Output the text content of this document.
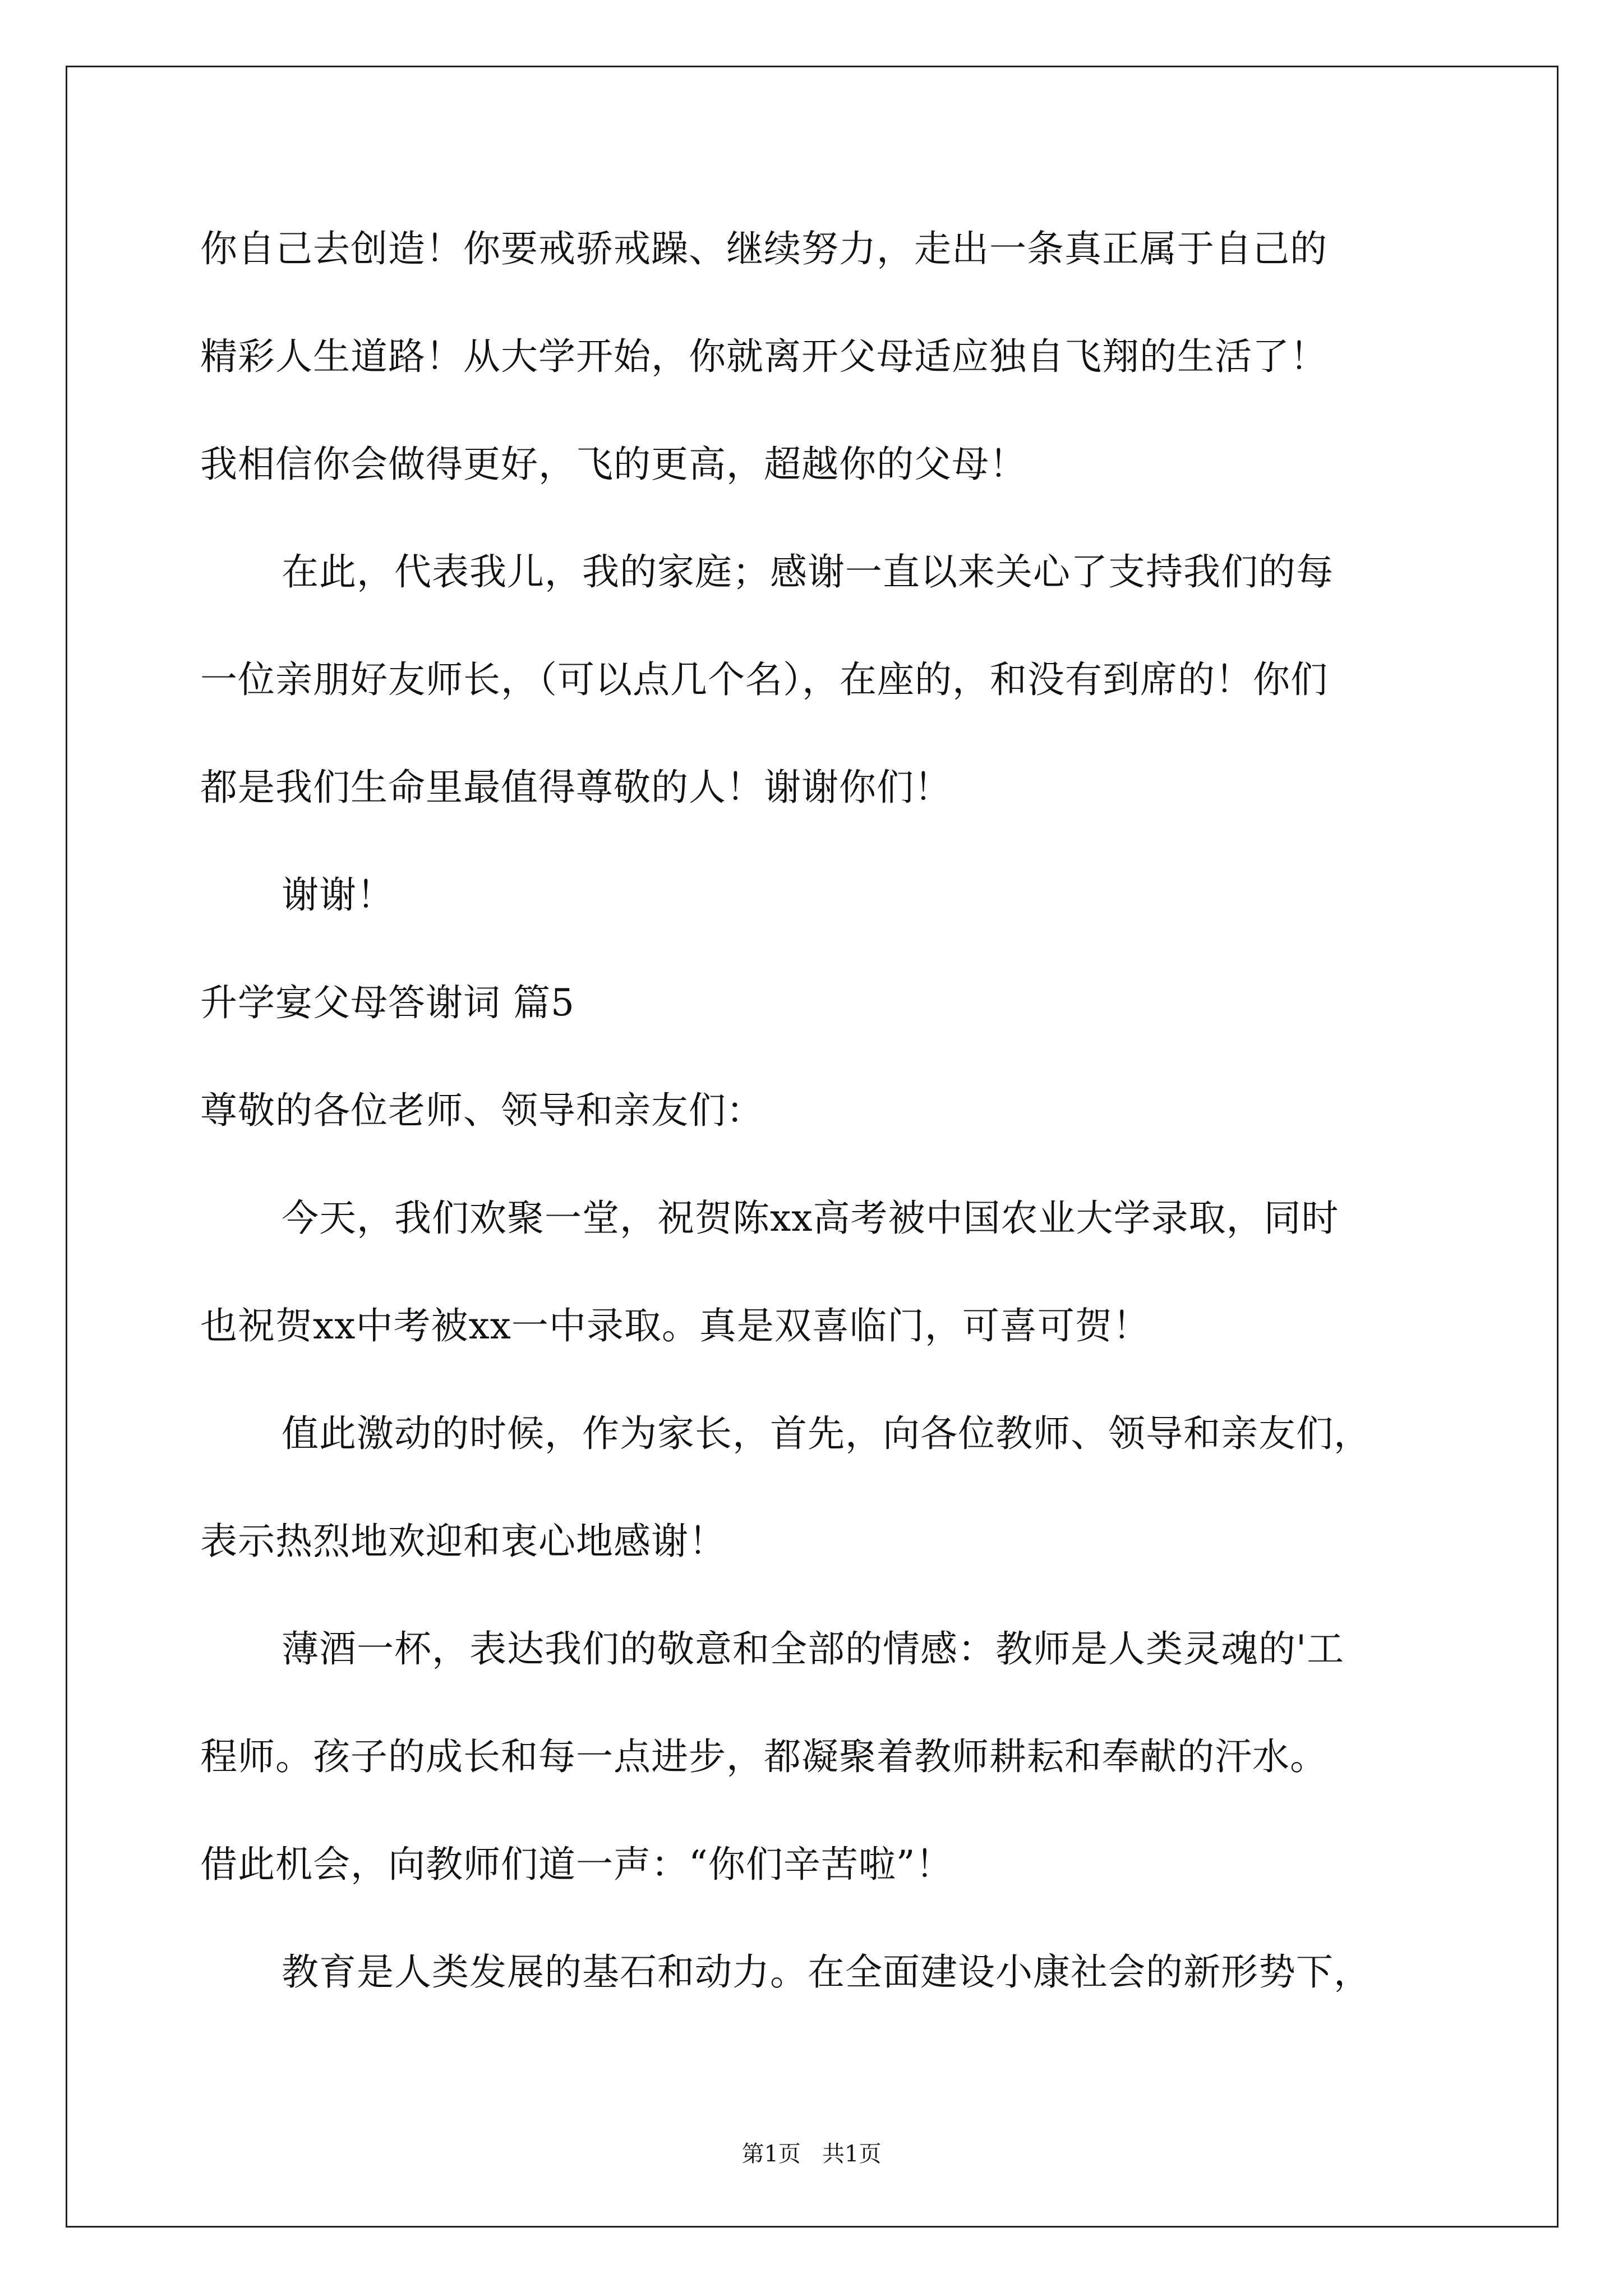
你自己去创造！你要戒骄戒躁、继续努力，走出一条真正属于自己的
精彩人生道路！从大学开始，你就离开父母适应独自飞翔的生活了！
我相信你会做得更好，飞的更高，超越你的父母！
在此，代表我儿，我的家庭；感谢一直以来关心了支持我们的每
一位亲朋好友师长，（可以点几个名），在座的，和没有到席的！你们
都是我们生命里最值得尊敬的人！谢谢你们！
谢谢！
升学宴父母答谢词 篇5
尊敬的各位老师、领导和亲友们：
今天，我们欢聚一堂，祝贺陈xx高考被中国农业大学录取，同时
也祝贺xx中考被xx一中录取。真是双喜临门，可喜可贺！
值此激动的时候，作为家长，首先，向各位教师、领导和亲友们，
表示热烈地欢迎和衷心地感谢！
薄酒一杯，表达我们的敬意和全部的情感：教师是人类灵魂的'工
程师。孩子的成长和每一点进步，都凝聚着教师耕耘和奉献的汗水。
借此机会，向教师们道一声：“你们辛苦啦”！
教育是人类发展的基石和动力。在全面建设小康社会的新形势下，
第1页   共1页
